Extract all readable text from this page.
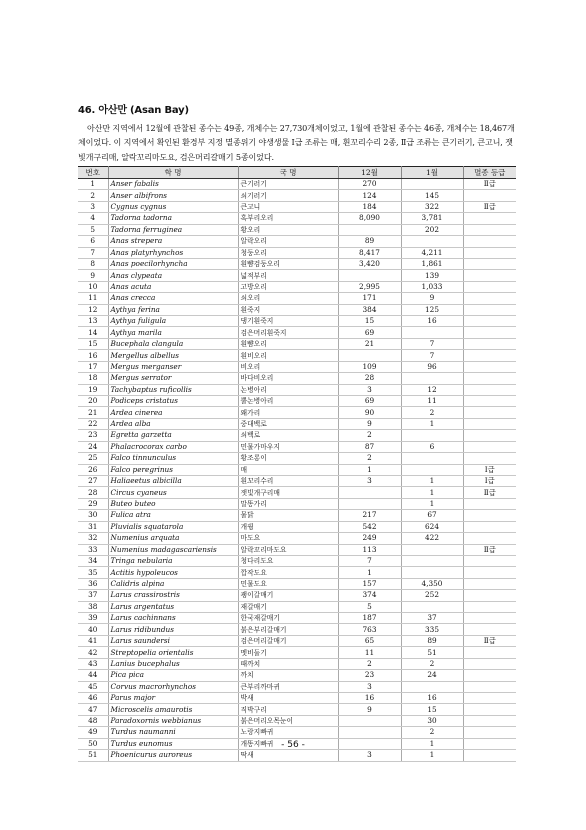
46. 아산만 (Asan Bay)

아산만 지역에서 12월에 관찰된 종수는 49종, 개체수는 27,730개체이었고, 1월에 관찰된 종수는 46종, 개체수는 18,467개체이었다. 이 지역에서 확인된 환경부 지정 멸종위기 야생생물 Ⅰ급 조류는 매, 흰꼬리수리 2종, Ⅱ급 조류는 큰기러기, 큰고니, 잿빛개구리매, 알락꼬리마도요, 검은머리갈매기 5종이었다.

번호	학 명	국 명	12월	1월	멸종 등급
1	Anser fabalis	큰기러기	270		Ⅱ급
2	Anser albifrons	쇠기러기	124	145	
3	Cygnus cygnus	큰고니	184	322	Ⅱ급
4	Tadorna tadorna	혹부리오리	8,090	3,781	
5	Tadorna ferruginea	황오리		202	
6	Anas strepera	알락오리	89		
7	Anas platyrhynchos	청둥오리	8,417	4,211	
8	Anas poecilorhyncha	흰뺨검둥오리	3,420	1,861	
9	Anas clypeata	넓적부리		139	
10	Anas acuta	고방오리	2,995	1,033	
11	Anas crecca	쇠오리	171	9	
12	Aythya ferina	흰죽지	384	125	
13	Aythya fuligula	댕기흰죽지	15	16	
14	Aythya marila	검은머리흰죽지	69		
15	Bucephala clangula	흰뺨오리	21	7	
16	Mergellus albellus	흰비오리		7	
17	Mergus merganser	비오리	109	96	
18	Mergus serrator	바다비오리	28		
19	Tachybaptus ruficollis	논병아리	3	12	
20	Podiceps cristatus	뿔논병아리	69	11	
21	Ardea cinerea	왜가리	90	2	
22	Ardea alba	중대백로	9	1	
23	Egretta garzetta	쇠백로	2		
24	Phalacrocorax carbo	민물가마우지	87	6	
25	Falco tinnunculus	황조롱이	2		
26	Falco peregrinus	매	1		Ⅰ급
27	Haliaeetus albicilla	흰꼬리수리	3	1	Ⅰ급
28	Circus cyaneus	잿빛개구리매		1	Ⅱ급
29	Buteo buteo	말똥가리		1	
30	Fulica atra	물닭	217	67	
31	Pluvialis squatarola	개꿩	542	624	
32	Numenius arquata	마도요	249	422	
33	Numenius madagascariensis	알락꼬리마도요	113		Ⅱ급
34	Tringa nebularia	청다리도요	7		
35	Actitis hypoleucos	깝작도요	1		
36	Calidris alpina	민물도요	157	4,350	
37	Larus crassirostris	괭이갈매기	374	252	
38	Larus argentatus	재갈매기	5		
39	Larus cachinnans	한국재갈매기	187	37	
40	Larus ridibundus	붉은부리갈매기	763	335	
41	Larus saundersi	검은머리갈매기	65	89	Ⅱ급
42	Streptopelia orientalis	멧비둘기	11	51	
43	Lanius bucephalus	때까치	2	2	
44	Pica pica	까치	23	24	
45	Corvus macrorhynchos	큰부리까마귀	3		
46	Parus major	박새	16	16	
47	Microscelis amaurotis	직박구리	9	15	
48	Paradoxornis webbianus	붉은머리오목눈이		30	
49	Turdus naumanni	노랑지빠귀		2	
50	Turdus eunomus	개똥지빠귀		1	
51	Phoenicurus auroreus	딱새	3	1	
- 56 -
